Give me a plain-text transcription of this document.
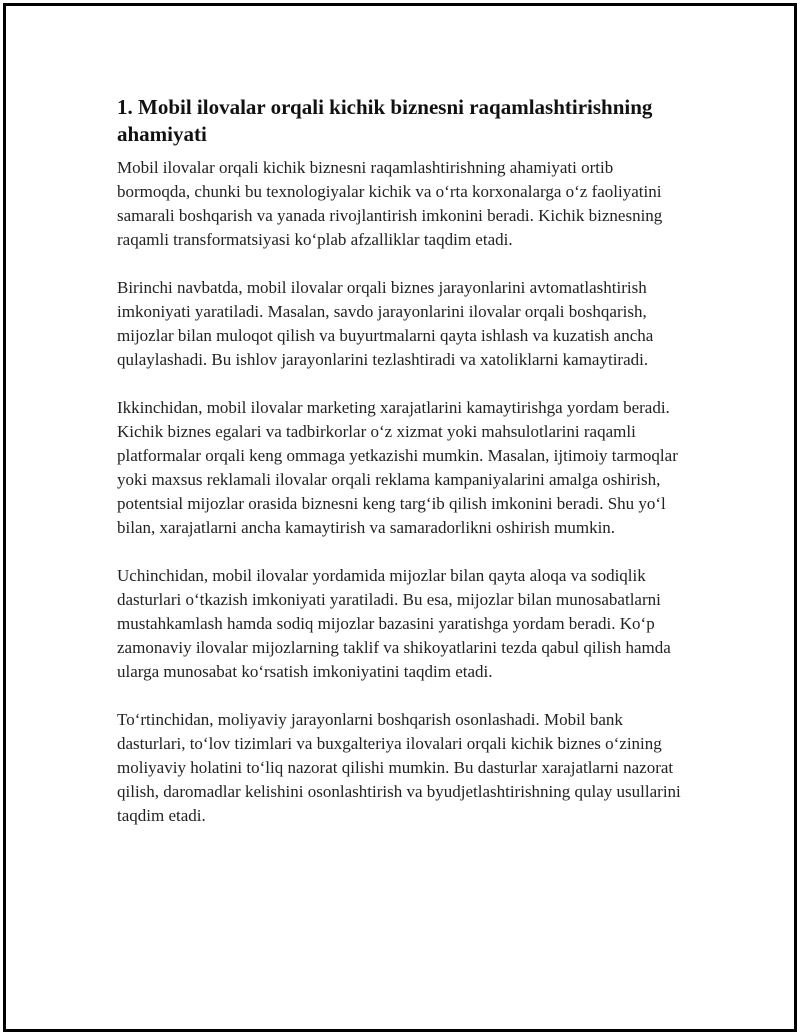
1. Mobil ilovalar orqali kichik biznesni raqamlashtirishning ahamiyati

Mobil ilovalar orqali kichik biznesni raqamlashtirishning ahamiyati ortib bormoqda, chunki bu texnologiyalar kichik va o‘rta korxonalarga o‘z faoliyatini samarali boshqarish va yanada rivojlantirish imkonini beradi. Kichik biznesning raqamli transformatsiyasi ko‘plab afzalliklar taqdim etadi.

Birinchi navbatda, mobil ilovalar orqali biznes jarayonlarini avtomatlashtirish imkoniyati yaratiladi. Masalan, savdo jarayonlarini ilovalar orqali boshqarish, mijozlar bilan muloqot qilish va buyurtmalarni qayta ishlash va kuzatish ancha qulaylashadi. Bu ishlov jarayonlarini tezlashtiradi va xatoliklarni kamaytiradi.

Ikkinchidan, mobil ilovalar marketing xarajatlarini kamaytirishga yordam beradi. Kichik biznes egalari va tadbirkorlar o‘z xizmat yoki mahsulotlarini raqamli platformalar orqali keng ommaga yetkazishi mumkin. Masalan, ijtimoiy tarmoqlar yoki maxsus reklamali ilovalar orqali reklama kampaniyalarini amalga oshirish, potentsial mijozlar orasida biznesni keng targ‘ib qilish imkonini beradi. Shu yo‘l bilan, xarajatlarni ancha kamaytirish va samaradorlikni oshirish mumkin.

Uchinchidan, mobil ilovalar yordamida mijozlar bilan qayta aloqa va sodiqlik dasturlari o‘tkazish imkoniyati yaratiladi. Bu esa, mijozlar bilan munosabatlarni mustahkamlash hamda sodiq mijozlar bazasini yaratishga yordam beradi. Ko‘p zamonaviy ilovalar mijozlarning taklif va shikoyatlarini tezda qabul qilish hamda ularga munosabat ko‘rsatish imkoniyatini taqdim etadi.

To‘rtinchidan, moliyaviy jarayonlarni boshqarish osonlashadi. Mobil bank dasturlari, to‘lov tizimlari va buxgalteriya ilovalari orqali kichik biznes o‘zining moliyaviy holatini to‘liq nazorat qilishi mumkin. Bu dasturlar xarajatlarni nazorat qilish, daromadlar kelishini osonlashtirish va byudjetlashtirishning qulay usullarini taqdim etadi.
